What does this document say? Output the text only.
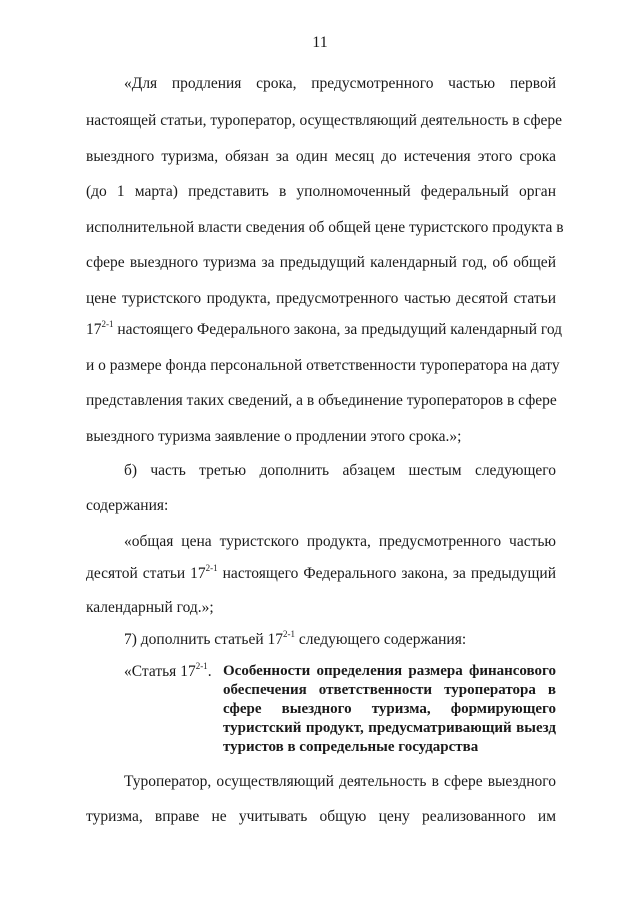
11
«Для продления срока, предусмотренного частью первой
настоящей статьи, туроператор, осуществляющий деятельность в сфере
выездного туризма, обязан за один месяц до истечения этого срока
(до 1 марта) представить в уполномоченный федеральный орган
исполнительной власти сведения об общей цене туристского продукта в
сфере выездного туризма за предыдущий календарный год, об общей
цене туристского продукта, предусмотренного частью десятой статьи
17$^{2-1}$ настоящего Федерального закона, за предыдущий календарный год
и о размере фонда персональной ответственности туроператора на дату
представления таких сведений, а в объединение туроператоров в сфере
выездного туризма заявление о продлении этого срока.»;
б) часть третью дополнить абзацем шестым следующего
содержания:
«общая цена туристского продукта, предусмотренного частью
десятой статьи 17$^{2-1}$ настоящего Федерального закона, за предыдущий
календарный год.»;
7) дополнить статьей 17$^{2-1}$ следующего содержания:
«Статья 17$^{2-1}$. Особенности определения размера финансового
обеспечения ответственности туроператора в
сфере выездного туризма, формирующего
туристский продукт, предусматривающий выезд
туристов в сопредельные государства
Туроператор, осуществляющий деятельность в сфере выездного
туризма, вправе не учитывать общую цену реализованного им
